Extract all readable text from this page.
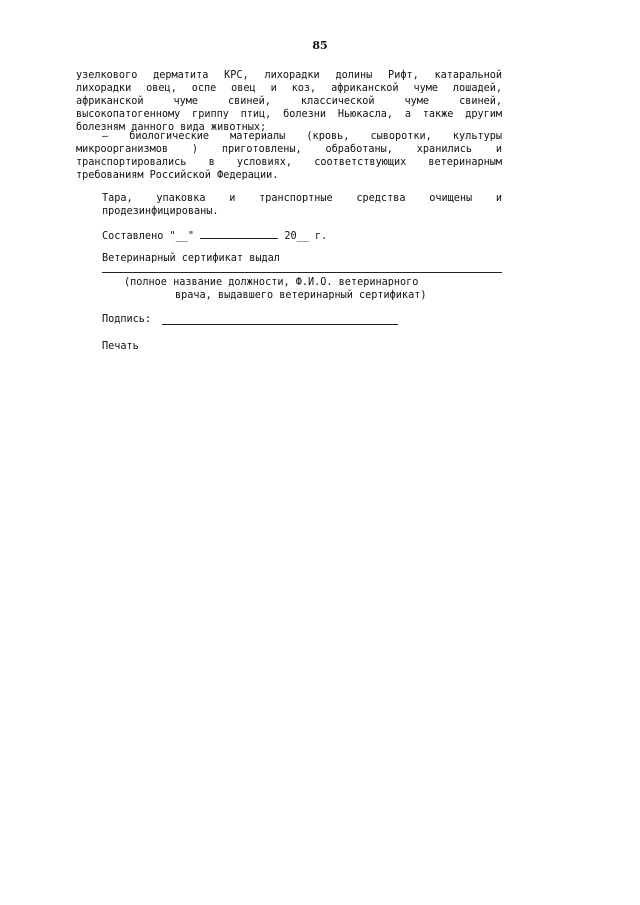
85
узелкового дерматита КРС, лихорадки долины Рифт, катаральной
лихорадки овец, оспе овец и коз, африканской чуме лошадей,
африканской чуме свиней, классической чуме свиней,
высокопатогенному гриппу птиц, болезни Ньюкасла, а также другим
болезням данного вида животных;
– биологические материалы (кровь, сыворотки, культуры
микроорганизмов ) приготовлены, обработаны, хранились и
транспортировались в условиях, соответствующих ветеринарным
требованиям Российской Федерации.
Тара, упаковка и транспортные средства очищены и
продезинфицированы.
Составлено "__"	20__ г.
Ветеринарный сертификат выдал
(полное название должности, Ф.И.О. ветеринарного
врача, выдавшего ветеринарный сертификат)
Подпись:
Печать
